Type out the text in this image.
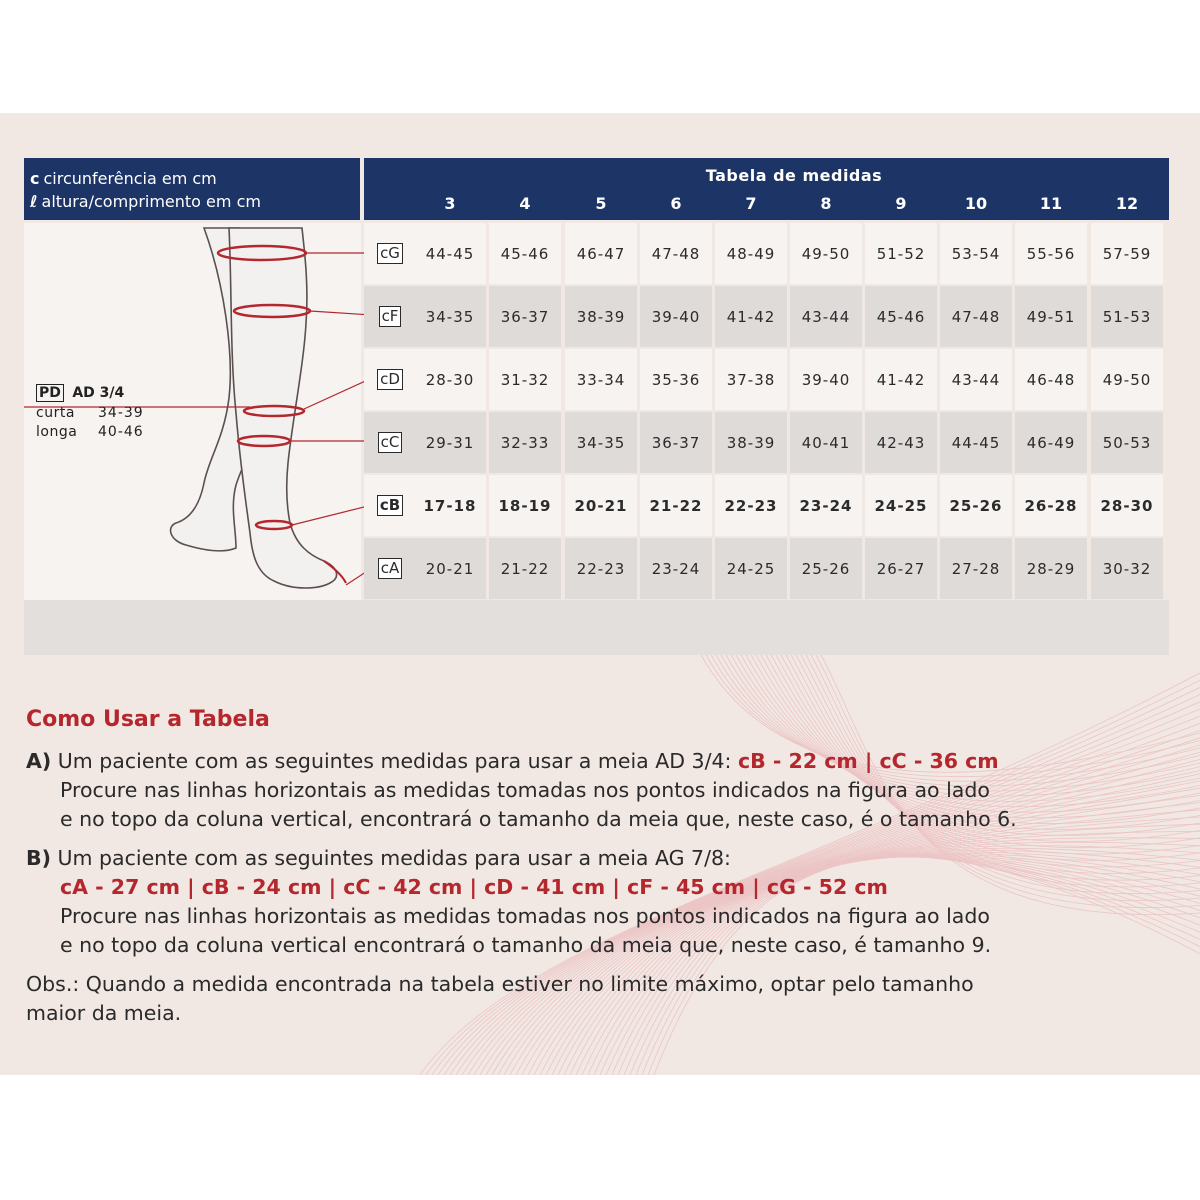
c circunferência em cm
ℓ altura/comprimento em cm
Tabela de medidas
3	4	5	6	7	8	9	10	11	12
PD AD 3/4
curta 34-39
longa 40-46
cG	44-45	45-46	46-47	47-48	48-49	49-50	51-52	53-54	55-56	57-59
cF	34-35	36-37	38-39	39-40	41-42	43-44	45-46	47-48	49-51	51-53
cD	28-30	31-32	33-34	35-36	37-38	39-40	41-42	43-44	46-48	49-50
cC	29-31	32-33	34-35	36-37	38-39	40-41	42-43	44-45	46-49	50-53
cB	17-18	18-19	20-21	21-22	22-23	23-24	24-25	25-26	26-28	28-30
cA	20-21	21-22	22-23	23-24	24-25	25-26	26-27	27-28	28-29	30-32
Como Usar a Tabela
A) Um paciente com as seguintes medidas para usar a meia AD 3/4: cB - 22 cm | cC - 36 cm
Procure nas linhas horizontais as medidas tomadas nos pontos indicados na figura ao lado
e no topo da coluna vertical, encontrará o tamanho da meia que, neste caso, é o tamanho 6.
B) Um paciente com as seguintes medidas para usar a meia AG 7/8:
cA - 27 cm | cB - 24 cm | cC - 42 cm | cD - 41 cm | cF - 45 cm | cG - 52 cm
Procure nas linhas horizontais as medidas tomadas nos pontos indicados na figura ao lado
e no topo da coluna vertical encontrará o tamanho da meia que, neste caso, é tamanho 9.
Obs.: Quando a medida encontrada na tabela estiver no limite máximo, optar pelo tamanho
maior da meia.
